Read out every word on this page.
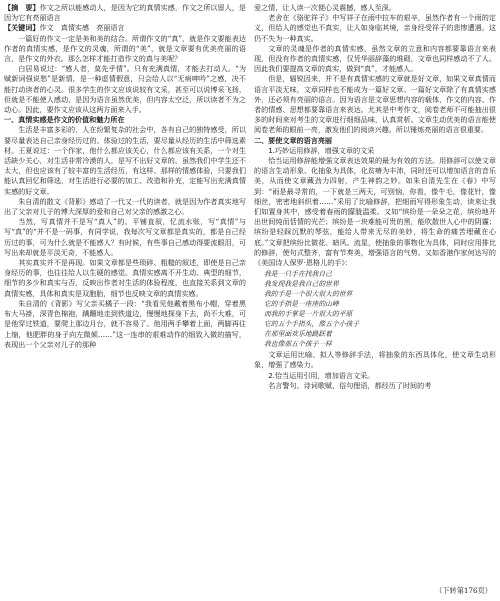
【摘　要】作文之所以能感动人，是因为它的真情实感，作文之所以留人，是因为它有亮丽语言

【关键词】作文　真情实感　亮丽语言

一篇好的作文一定是美和美的结合。所谓作文的“真”，就是作文要能表达作者的真情实感，是作文的灵魂，所谓的“美”，就是文章要有优美亮丽的语言，是作文的外衣。那么怎样才能打造作文的真与美呢？

白居易说过：“感人者，莫先乎情”。只有充满真情，才能去打动人。“为赋新词强说愁”是新情，是一种虚情假意，只会给人以“无病呻吟”之感，决不能打动读者的心灵。很多学生的作文应该说较有文采，甚至可以说博采飞扬，但就是不能使人感动，是因为语言虽然优美，但内容太空泛，所以读者不为之动心。因此，要作文应该从这两方面来入手。

一、真情实感是作文的价值和魅力所在

生活是丰富多彩的，人在纷繁复杂的社会中，各有自己的独特感受，所以要尽量表达自己亲身经历过的、体验过的生活，要尽量从经历的生活中筛选素材。王夏说过：一个作家，他什么都应该关心，什么都应该有关系，一个对生活缺少关心，对生活非常冷漠的人，是写不出好文章的。虽然我们中学生还不太大，但也应该有了较丰富的生活经历，有这样、那样的情感体验，只要我们能认真回忆和筛选，对生活进行必要的加工、改造和补充，定能写出充满真情实感的好文章。

朱自清的散文《背影》感动了一代又一代的读者，就是因为作者真实地写出了父亲对儿子的博大深厚的爱和自己对父亲的感激之心。

当然，写真情并不是写“真人”的。平铺直叙，忆流水账，写“真情”与写“真”的“并不是一码事，有同学说，我每次写文章都是真实的，都是自己经历过的事，可为什么就是不能感人？有时候，有些事自己感动得要流眼泪，可写出来却就是平淡无奇，不能感人。

其实真实并不是再现。如果文章都是些琐碎、粗糙的叙述，即使是自己亲身经历的事，也往往给人以生硬的感觉。真情实感离不开生动、典型的细节，细节的多少和真实与否，反映出作者对生活的体验程度，也直接关系到文章的真情实感，具体和真实是双胞胎，细节也反映文章的真情实感。

朱自清的《背影》写父亲买橘子一段：“我看见他戴着黑布小帽，穿着黑布大马褂，深青色棉袍，蹒跚地走到铁道边，慢慢地探身下去，尚不大难，可是他穿过铁道，要爬上那边月台，就不容易了。他用两手攀着上面，两脚再往上缩，他肥胖的身子向左微倾……”这一连串的艰难动作的细致入微的描写，表现出一个父亲对儿子的那种

爱之情，让人读一次便心灵震撼，感人至深。

老舍在《骆驼祥子》中写祥子在雨中拉车的艰辛，虽然作者有一个雨的定义，但给人的感觉也不真实，让人如身临其境，亲身经受祥子的悲惨遭遇。这仍不失为一种真实。

文章的灵魂是作者的真情实感，虽然文章的立意和内容都要靠语言来表现，但没有作者的真情实感，仅凭华丽辞藻的堆砌，文章也同样感动不了人。因此我们要提高文章的真实，做到“真”，才能感人。

但是，辐锐因来，并不是有真情实感的文章就是好文章，如果文章真情而语言平淡无味，文章同样也不能成为一篇好文章。一篇好文章除了有真情实感外，还必须有亮丽的语言。因为语言是文章思想内容的载体，作文的内容、作者的情感、思想都要靠语言来表达。尤其是中考作文，阅卷老师不可能抽出很多的时间来对考生的文章进行细细品味，认真赏析。文章生动优美的语言能使阅卷老师的眼前一亮，激发他们的阅读兴趣。所以锤炼亮丽的语言很重要。

二、要使文章的语言亮丽

1.巧妙运用修辞，增强文章的文采

恰当运用修辞能增强文章表达效果的最为有效的方法。用修辞可以使文章的语言生动形象、化抽象为具体，化贫瘠为丰沛，同时还可以增加语言的音乐美，从而使文章藏劲力四射，产生神韵之妙。如朱自清先生在《春》中写到：“雨是最寻常的，一下就是三两天，可别恼，你看，像牛毛，像花针，像细丝，密密地斜织着……”采用了比喻修辞，把细雨写得形象生动，读来让我们如置身其中，感受着春雨的朦胧温柔。又如“缤纷是一朵朵之花，缤纷地开出世间纯而恬情的光芒；缤纷是一块难能可贵的黑，能吹散世人心中的阴霾；缤纷是轻踩沉默的琴弦，能给人带来无尽的美妙，将生命的痛苦埋藏在心底。”文章把缤纷比做花、暗风、流星，使抽象的事物化为具体，同时应用排比的修辞，使句式整齐，富有节奏美，增强语言的气势。又如香港作家何达写的《美国诗人保罗·恩格儿的手》：

我是一只手在找我自己
我发现我是我自己的世界
我的手是一个很大很大的世界
它的手指是一座座的山峰
而我的手掌是一片很大的平原
它的五个手指头，像五个小孩子
在那里面欢乐地跳跃着
我也像那五个孩子一样

文章运用比喻、拟人等修辞手法，将抽象的东西具体化，使文章生动形象，增强了感染力。

2.恰当运用引用，增加语言文采。

名言警句、诗词歌赋、俗句俚语，都经历了时间的考

（下转第176页）
